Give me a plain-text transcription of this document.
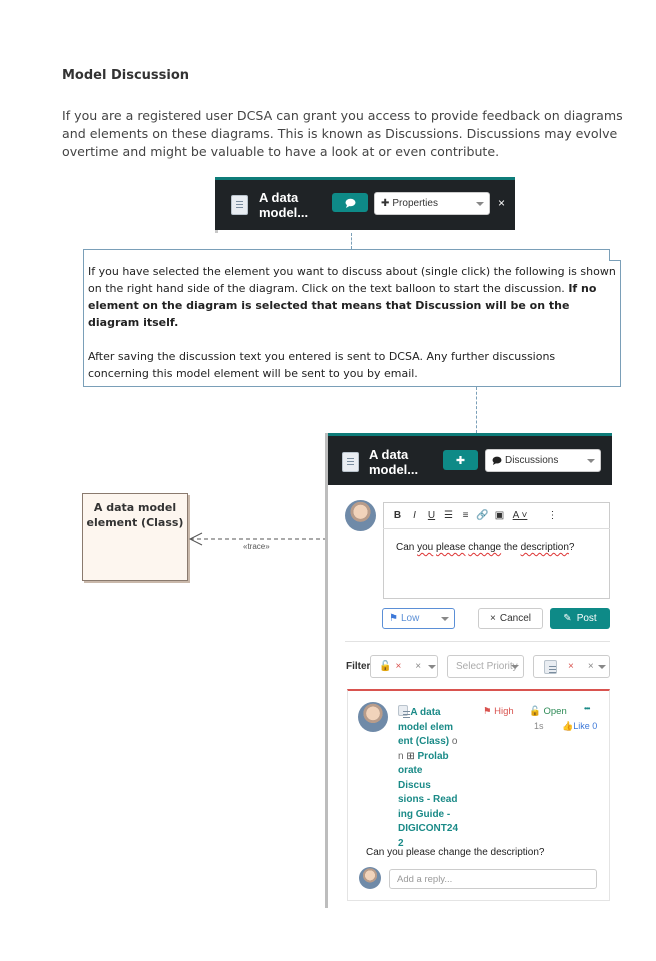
Model Discussion
If you are a registered user DCSA can grant you access to provide feedback on diagrams and elements on these diagrams. This is known as Discussions. Discussions may evolve overtime and might be valuable to have a look at or even contribute.
A data
model...
✚ Properties	×
If you have selected the element you want to discuss about (single click) the following is shown on the right hand side of the diagram. Click on the text balloon to start the discussion. If no element on the diagram is selected that means that Discussion will be on the diagram itself.
After saving the discussion text you entered is sent to DCSA. Any further discussions concerning this model element will be sent to you by email.
A data model
element (Class)
«trace»
A data
model...
✚	Discussions
B	I	U ☰ ≡ 🔗 ▣ A ˅	⋮
Can you please change the description?
⚑ Low	× Cancel	✎ Post
Filter 🔓 × ×	Select Priority	× ×
A data
model elem
ent (Class) o
n ⊞ Prolab
orate Discus
sions - Read
ing Guide -
DIGICONT24
2
⚑ High 🔓 Open •••
1s 👍Like 0
Can you please change the description?
Add a reply...
